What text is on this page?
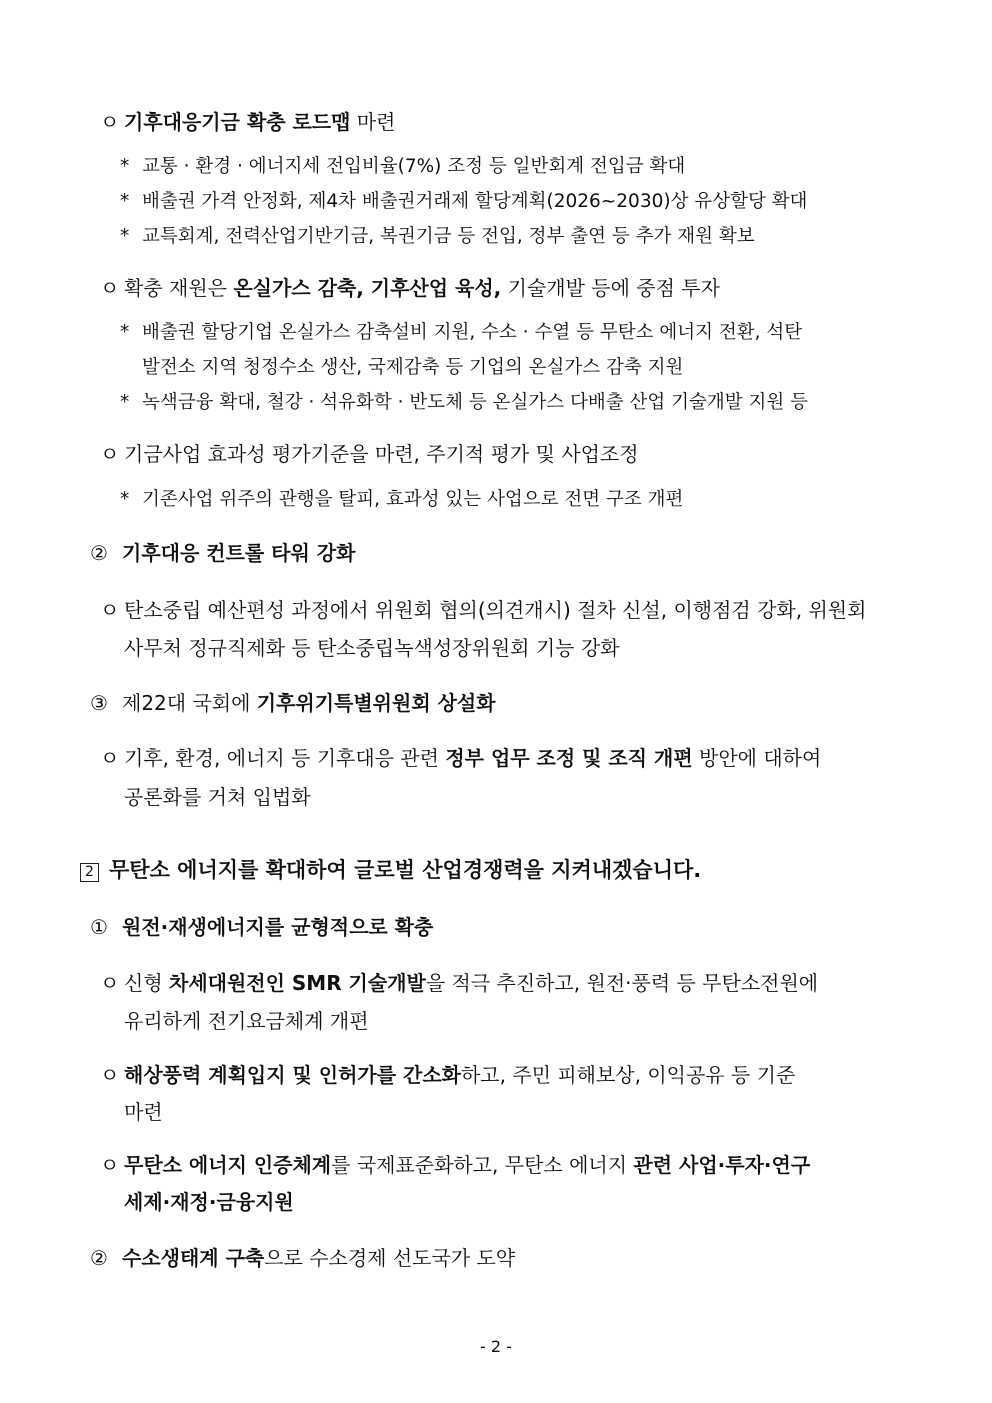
ㅇ 기후대응기금 확충 로드맵 마련
* 교통 · 환경 · 에너지세 전입비율(7%) 조정 등 일반회계 전입금 확대
* 배출권 가격 안정화, 제4차 배출권거래제 할당계획(2026~2030)상 유상할당 확대
* 교특회계, 전력산업기반기금, 복권기금 등 전입, 정부 출연 등 추가 재원 확보
ㅇ 확충 재원은 온실가스 감축, 기후산업 육성, 기술개발 등에 중점 투자
* 배출권 할당기업 온실가스 감축설비 지원, 수소 · 수열 등 무탄소 에너지 전환, 석탄
발전소 지역 청정수소 생산, 국제감축 등 기업의 온실가스 감축 지원
* 녹색금융 확대, 철강 · 석유화학 · 반도체 등 온실가스 다배출 산업 기술개발 지원 등
ㅇ 기금사업 효과성 평가기준을 마련, 주기적 평가 및 사업조정
* 기존사업 위주의 관행을 탈피, 효과성 있는 사업으로 전면 구조 개편
② 기후대응 컨트롤 타워 강화
ㅇ 탄소중립 예산편성 과정에서 위원회 협의(의견개시) 절차 신설, 이행점검 강화, 위원회
사무처 정규직제화 등 탄소중립녹색성장위원회 기능 강화
③ 제22대 국회에 기후위기특별위원회 상설화
ㅇ 기후, 환경, 에너지 등 기후대응 관련 정부 업무 조정 및 조직 개편 방안에 대하여
공론화를 거쳐 입법화
2 무탄소 에너지를 확대하여 글로벌 산업경쟁력을 지켜내겠습니다.
① 원전·재생에너지를 균형적으로 확충
ㅇ 신형 차세대원전인 SMR 기술개발을 적극 추진하고, 원전·풍력 등 무탄소전원에
유리하게 전기요금체계 개편
ㅇ 해상풍력 계획입지 및 인허가를 간소화하고, 주민 피해보상, 이익공유 등 기준
마련
ㅇ 무탄소 에너지 인증체계를 국제표준화하고, 무탄소 에너지 관련 사업·투자·연구
세제·재정·금융지원
② 수소생태계 구축으로 수소경제 선도국가 도약
- 2 -
